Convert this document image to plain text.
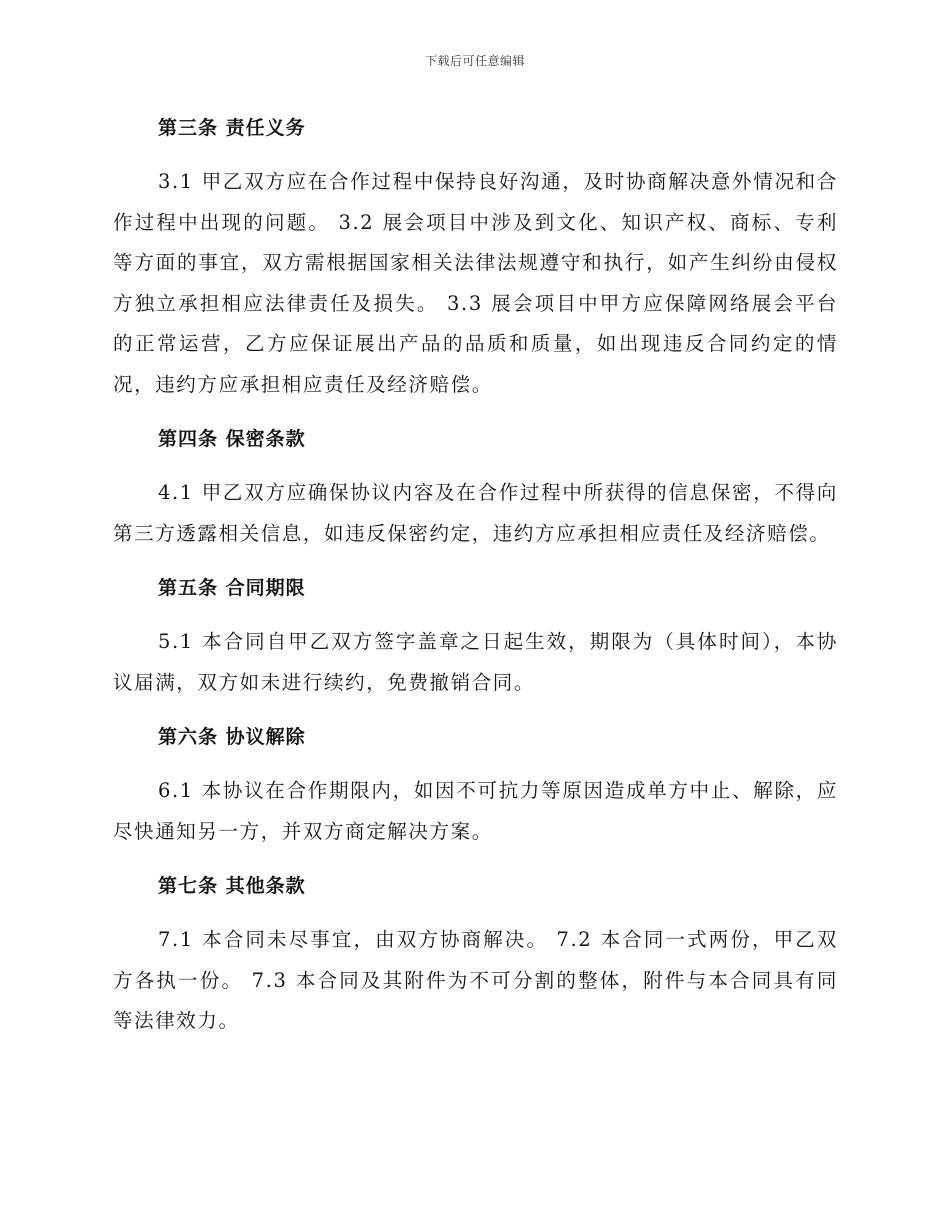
下载后可任意编辑
第三条 责任义务

3.1 甲乙双方应在合作过程中保持良好沟通，及时协商解决意外情况和合作过程中出现的问题。 3.2 展会项目中涉及到文化、知识产权、商标、专利等方面的事宜，双方需根据国家相关法律法规遵守和执行，如产生纠纷由侵权方独立承担相应法律责任及损失。 3.3 展会项目中甲方应保障网络展会平台的正常运营，乙方应保证展出产品的品质和质量，如出现违反合同约定的情况，违约方应承担相应责任及经济赔偿。

第四条 保密条款

4.1 甲乙双方应确保协议内容及在合作过程中所获得的信息保密，不得向第三方透露相关信息，如违反保密约定，违约方应承担相应责任及经济赔偿。

第五条 合同期限

5.1 本合同自甲乙双方签字盖章之日起生效，期限为（具体时间），本协议届满，双方如未进行续约，免费撤销合同。

第六条 协议解除

6.1 本协议在合作期限内，如因不可抗力等原因造成单方中止、解除，应尽快通知另一方，并双方商定解决方案。

第七条 其他条款

7.1 本合同未尽事宜，由双方协商解决。 7.2 本合同一式两份，甲乙双方各执一份。 7.3 本合同及其附件为不可分割的整体，附件与本合同具有同等法律效力。
